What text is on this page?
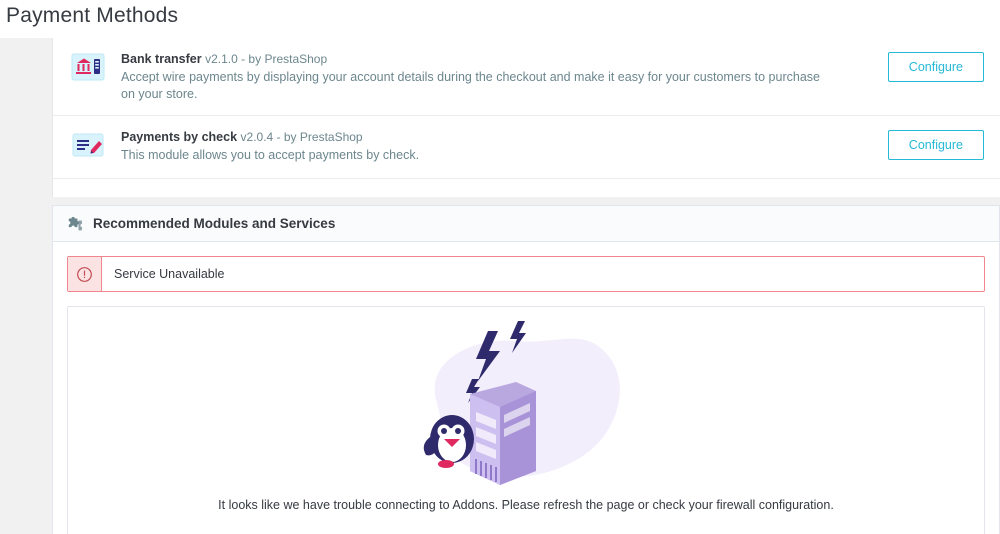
Payment Methods
Bank transfer v2.1.0 - by PrestaShop
Accept wire payments by displaying your account details during the checkout and make it easy for your customers to purchase on your store.
Configure
Payments by check v2.0.4 - by PrestaShop
This module allows you to accept payments by check.
Configure
Recommended Modules and Services
Service Unavailable
It looks like we have trouble connecting to Addons. Please refresh the page or check your firewall configuration.
